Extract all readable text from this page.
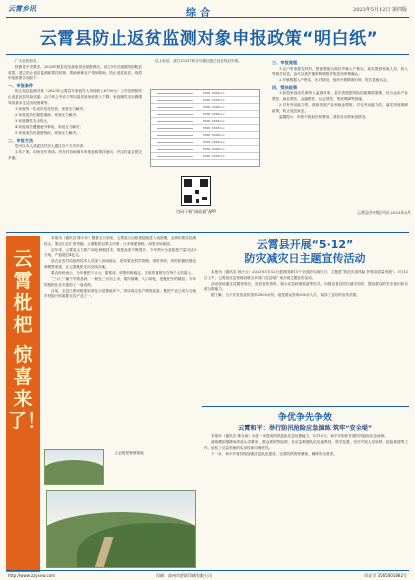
云霄乡讯	综合	2023年5月12日 第四版
云霄县防止返贫监测对象申报政策“明白纸”

广大农民朋友：

按照党中央要求，2020年脱贫攻坚战取得全面胜利后，设立5年过渡期巩固脱贫成果，建立防止返贫监测和帮扶机制，帮助困难农户得到救助，防止返贫致贫。现将申报政策告知如下：

一、申报条件

防止返贫监测对象（2023年云霄县年家庭年人均纯收入6700元）工作范围和防止返贫致贫风险因素：由于缺乏劳动力等因素导致家庭收入下降，家庭刚性支出骤增导致基本生活出现困难等。

1.家庭每一位成员均在经营，家庭无力解决；

2.家庭成员长期患重病，家庭无力解决；

3.家庭刚性支出较大，

4.家庭成员遭遇意外事故，家庭无力解决；

5.家庭成员有重度残疾，家庭无力解决；

二、申报方法

您可以本人或委托村民人通过以下方式申请：

1.线下第。向所在村申请。所在村协助填写申报表和帮扶意向，并由村委会提交乡镇。

以上电话，请打12317转分号施以您已经在线后申报。

0596-6568xxx
0596-6568xxx
0596-6568xxx
0596-6568xxx
0596-6568xxx
0596-6568xxx
0596-6568xxx
0596-6568xxx
0596-6568xxx
0596-6568xxx
扫码下载“闽政通”APP
三、申报流程

1.农户申请提交材料，您需要配合做好乡镇人户核实，如实提供家庭人员、收入等相关信息，也可以到乡镇审核填报并报县里审核确认。

2.乡镇根据入户核实、比对情况，组织开展精准识别，报告县级认定。

四、帮扶政策

1.如您家庭成员被纳入监测对象，县乡将根据风险因素精准施策，综合运用产业帮扶、就业帮扶、金融帮扶、社会帮扶、兜底保障等措施。

2.对有劳动能力的，鼓励发展产业和就业增收；对无劳动能力的，落实兜底保障政策，防止返贫致贫。

温馨提示：申报不收取任何费用，请如实反映家庭情况。

云霄县乡村振兴局 2023年5月
云霄
枇杷
惊喜
来了！

本报讯（通讯员 陈小东）随着五月到来，云霄县万亩枇杷陆续进入成熟期，金黄的果实挂满枝头，果农们正忙着采摘。云霄枇杷以果大肉厚、汁多味甜著称，深受市场欢迎。

近年来，云霄县大力推广绿色种植技术，枇杷品质不断提升。今年预计全县枇杷产量可达3万吨，产值超过4亿元。

县农业农村局组织技术人员深入田间地头，指导果农科学管理、适时采收，同时积极拓展电商销售渠道，让云霄枇杷走向全国各地。

果农纷纷表示，今年枇杷个头大、甜度高，收购价格稳定，丰收的喜悦写在每个人的脸上。

“三月三”属于早熟品种，一般在三月初上市，果肉细嫩，入口即化，是枇杷中的精品。今年的枇杷比往年提前了一周成熟。

目前，全县已建成枇杷标准化示范基地多个，带动周边农户增收致富，枇杷产业已成为当地乡村振兴的重要支柱产业之一。

山区枇杷种植基地

云霄县开展“5·12”
防灾减灾日主题宣传活动

本报讯（通讯员 林小云）2023年5月12日是我国第15个全国防灾减灾日，主题是“防范灾害风险 护航高质量发展”。5月12日上午，云霄县应急管理局联合多部门在县城广场开展主题宣传活动。

活动现场通过设置咨询台、发放宣传资料、展示应急救援装备等形式，向群众普及防灾减灾知识，提高群众的安全意识和自救互救能力。

据了解，当天共发放宣传资料2000余份，接受群众咨询300余人次，取得了良好的宣传效果。

争优争先争效
云霄和平：举行防汛抢险应急演练 筑牢“安全堤”

本报讯（通讯员 林为南）为进一步提高防汛抢险应急处置能力，5月10日，和平乡组织开展防汛抢险应急演练。

演练模拟强降雨导致山洪暴发、群众被困等险情，各应急救援队伍迅速集结、科学处置，有序开展人员转移、抢险救援等工作，检验了应急预案的实用性和可操作性。

下一步，和平乡将持续加强应急队伍建设，完善防汛物资储备，确保安全度汛。

http://www.zzyxxw.com	印刷：漳州市侨联印刷有限公司	印证学 3565001882号
